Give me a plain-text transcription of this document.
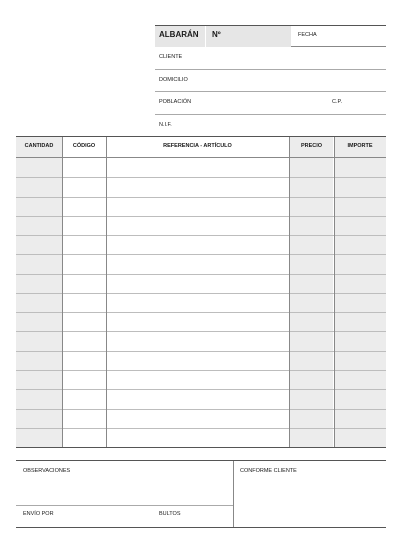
ALBARÁN Nº	FECHA
CLIENTE
DOMICILIO
POBLACIÓN	C.P.
N.I.F.
CANTIDAD	CÓDIGO	REFERENCIA - ARTÍCULO	PRECIO	IMPORTE
OBSERVACIONES
ENVÍO POR	BULTOS
CONFORME CLIENTE
